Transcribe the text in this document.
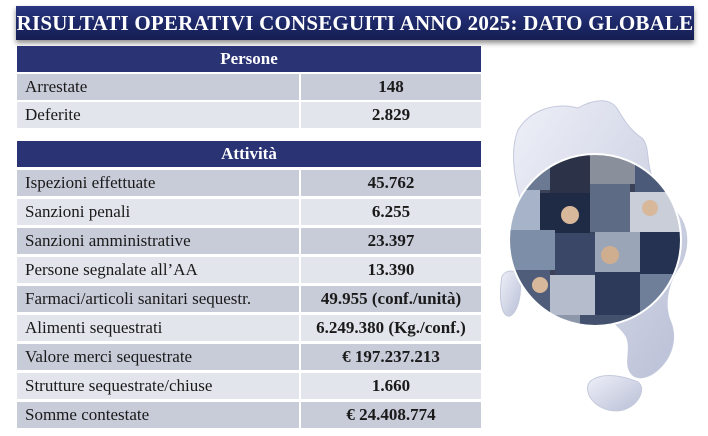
RISULTATI OPERATIVI CONSEGUITI ANNO 2025: DATO GLOBALE
Persone
Arrestate	148
Deferite	2.829
Attività
Ispezioni effettuate	45.762
Sanzioni penali	6.255
Sanzioni amministrative	23.397
Persone segnalate all’AA	13.390
Farmaci/articoli sanitari sequestr.	49.955 (conf./unità)
Alimenti sequestrati	6.249.380 (Kg./conf.)
Valore merci sequestrate	€ 197.237.213
Strutture sequestrate/chiuse	1.660
Somme contestate	€ 24.408.774
